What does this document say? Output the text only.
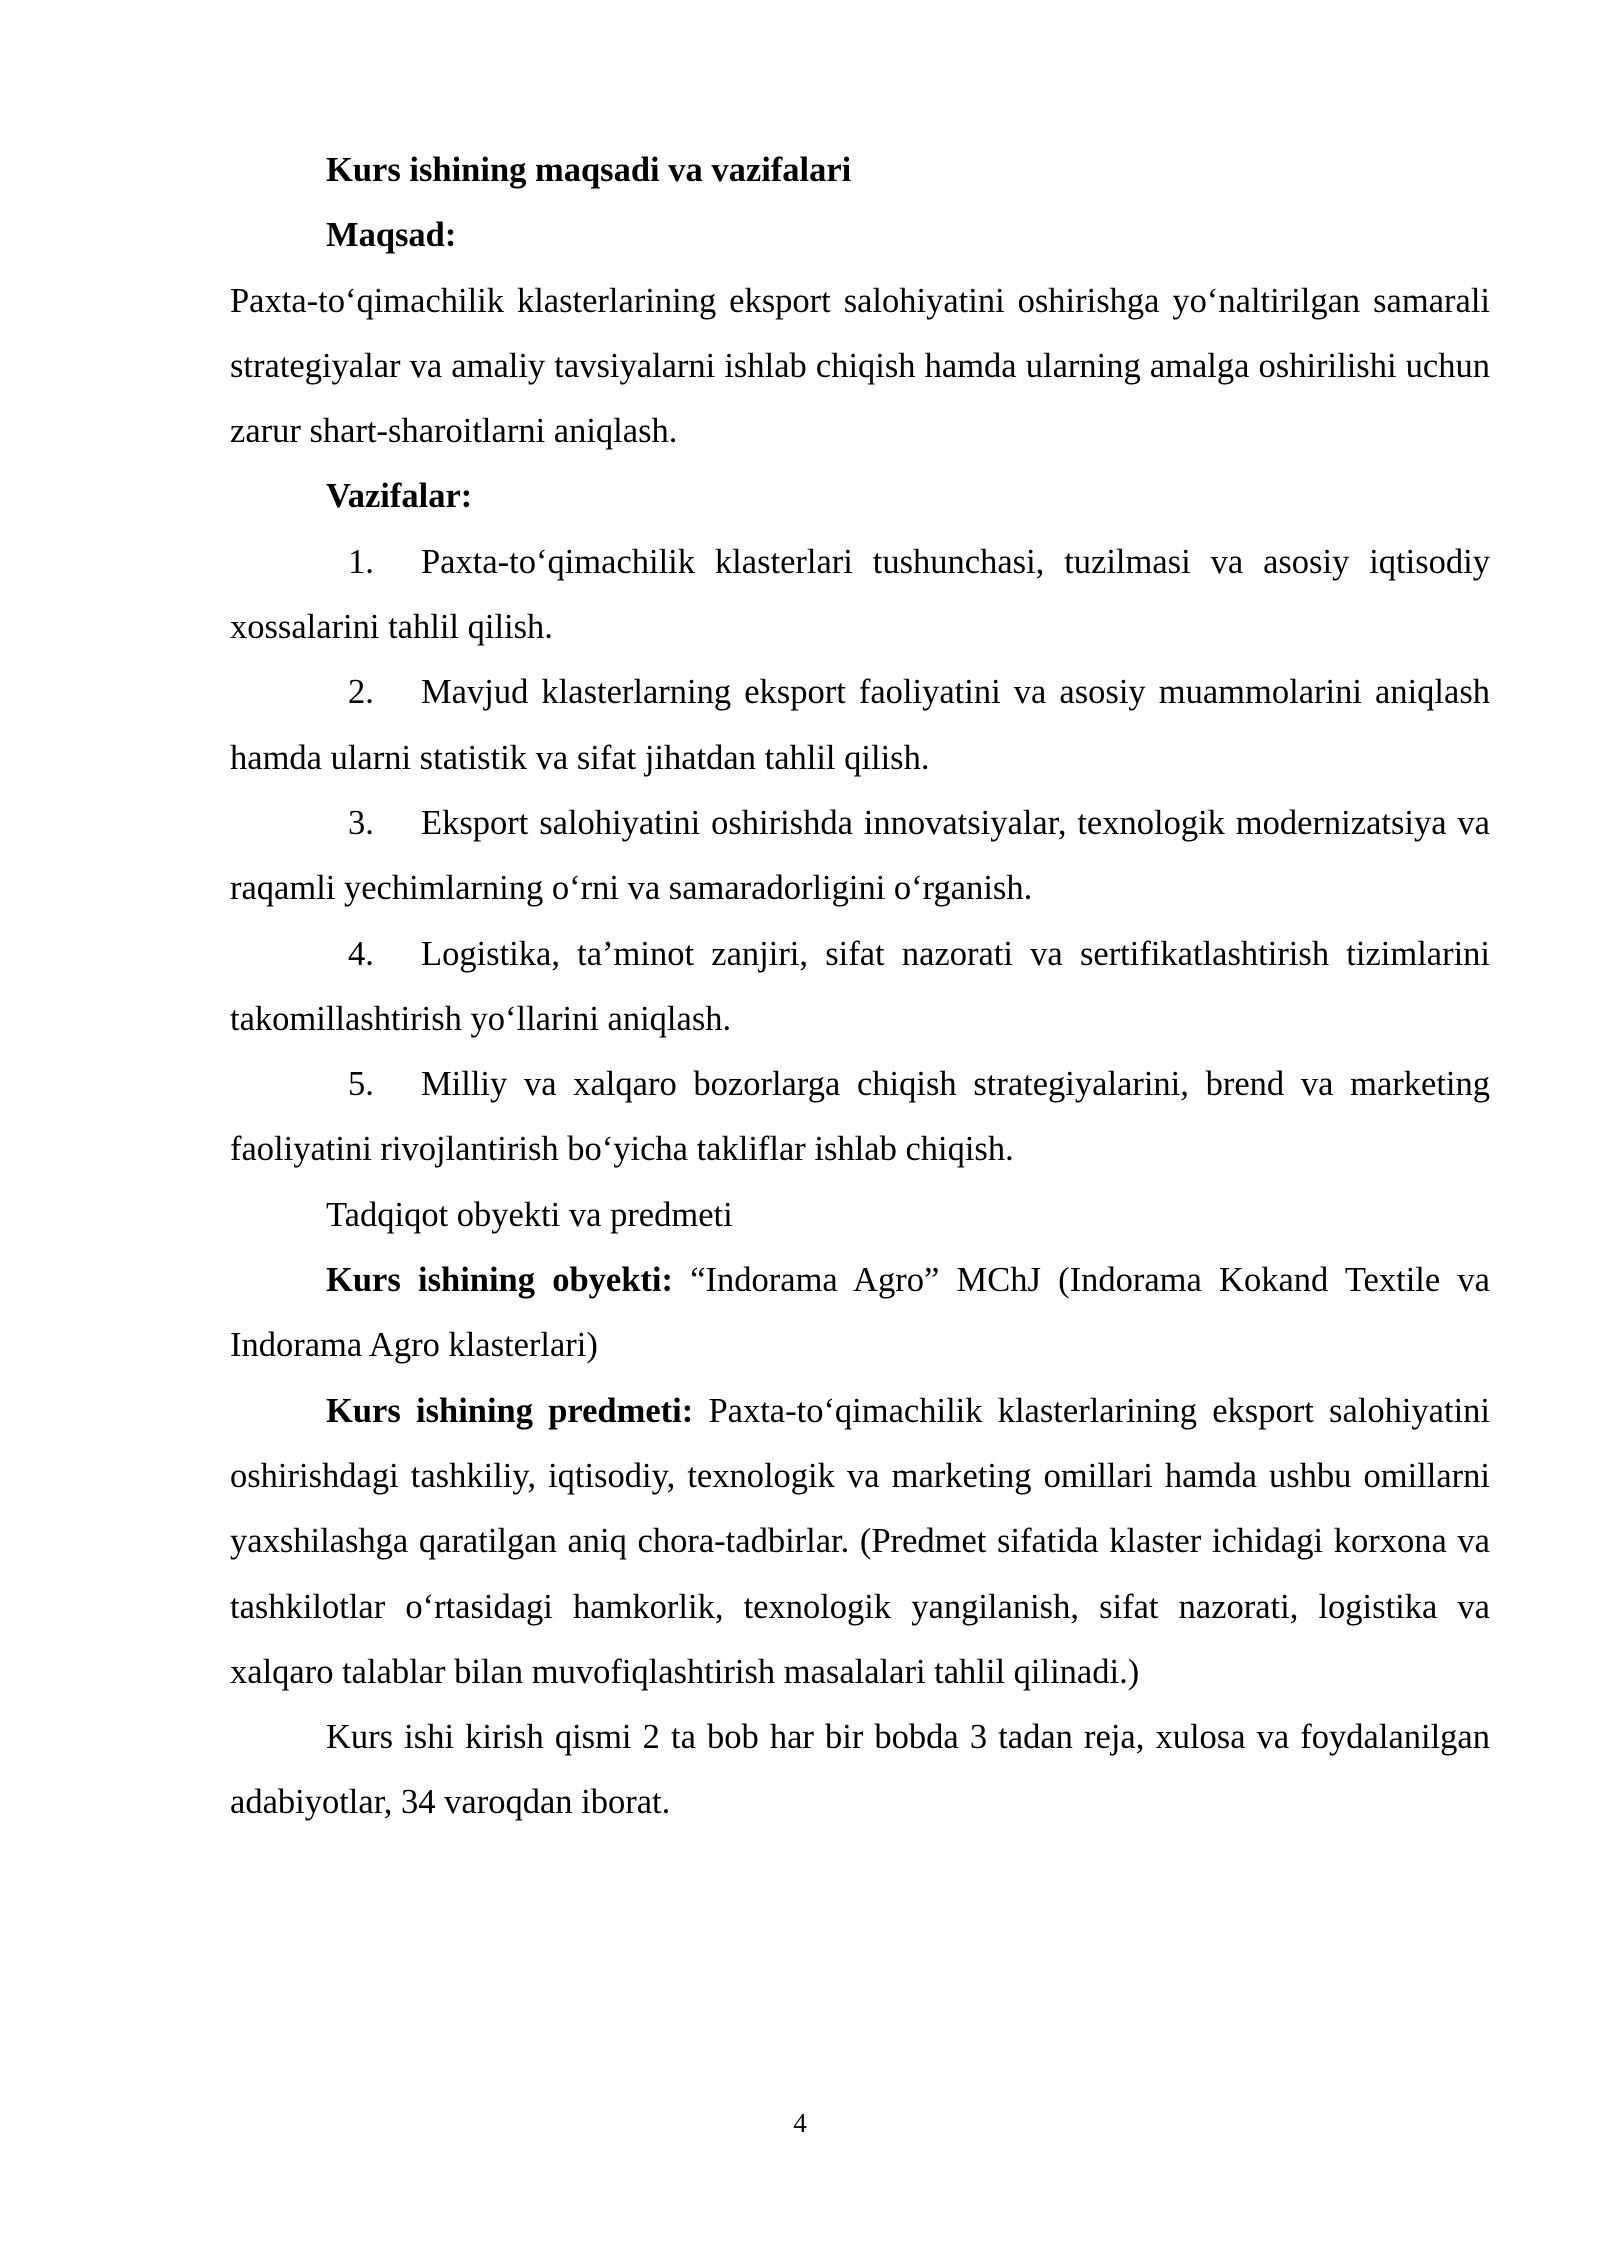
Kurs ishining maqsadi va vazifalari

Maqsad:

Paxta-to‘qimachilik klasterlarining eksport salohiyatini oshirishga yo‘naltirilgan samarali strategiyalar va amaliy tavsiyalarni ishlab chiqish hamda ularning amalga oshirilishi uchun zarur shart-sharoitlarni aniqlash.

Vazifalar:

1. Paxta-to‘qimachilik klasterlari tushunchasi, tuzilmasi va asosiy iqtisodiy xossalarini tahlil qilish.

2. Mavjud klasterlarning eksport faoliyatini va asosiy muammolarini aniqlash hamda ularni statistik va sifat jihatdan tahlil qilish.

3. Eksport salohiyatini oshirishda innovatsiyalar, texnologik modernizatsiya va raqamli yechimlarning o‘rni va samaradorligini o‘rganish.

4. Logistika, ta’minot zanjiri, sifat nazorati va sertifikatlashtirish tizimlarini takomillashtirish yo‘llarini aniqlash.

5. Milliy va xalqaro bozorlarga chiqish strategiyalarini, brend va marketing faoliyatini rivojlantirish bo‘yicha takliflar ishlab chiqish.

Tadqiqot obyekti va predmeti

Kurs ishining obyekti: “Indorama Agro” MChJ (Indorama Kokand Textile va Indorama Agro klasterlari)

Kurs ishining predmeti: Paxta-to‘qimachilik klasterlarining eksport salohiyatini oshirishdagi tashkiliy, iqtisodiy, texnologik va marketing omillari hamda ushbu omillarni yaxshilashga qaratilgan aniq chora-tadbirlar. (Predmet sifatida klaster ichidagi korxona va tashkilotlar o‘rtasidagi hamkorlik, texnologik yangilanish, sifat nazorati, logistika va xalqaro talablar bilan muvofiqlashtirish masalalari tahlil qilinadi.)

Kurs ishi kirish qismi 2 ta bob har bir bobda 3 tadan reja, xulosa va foydalanilgan adabiyotlar, 34 varoqdan iborat.

4
